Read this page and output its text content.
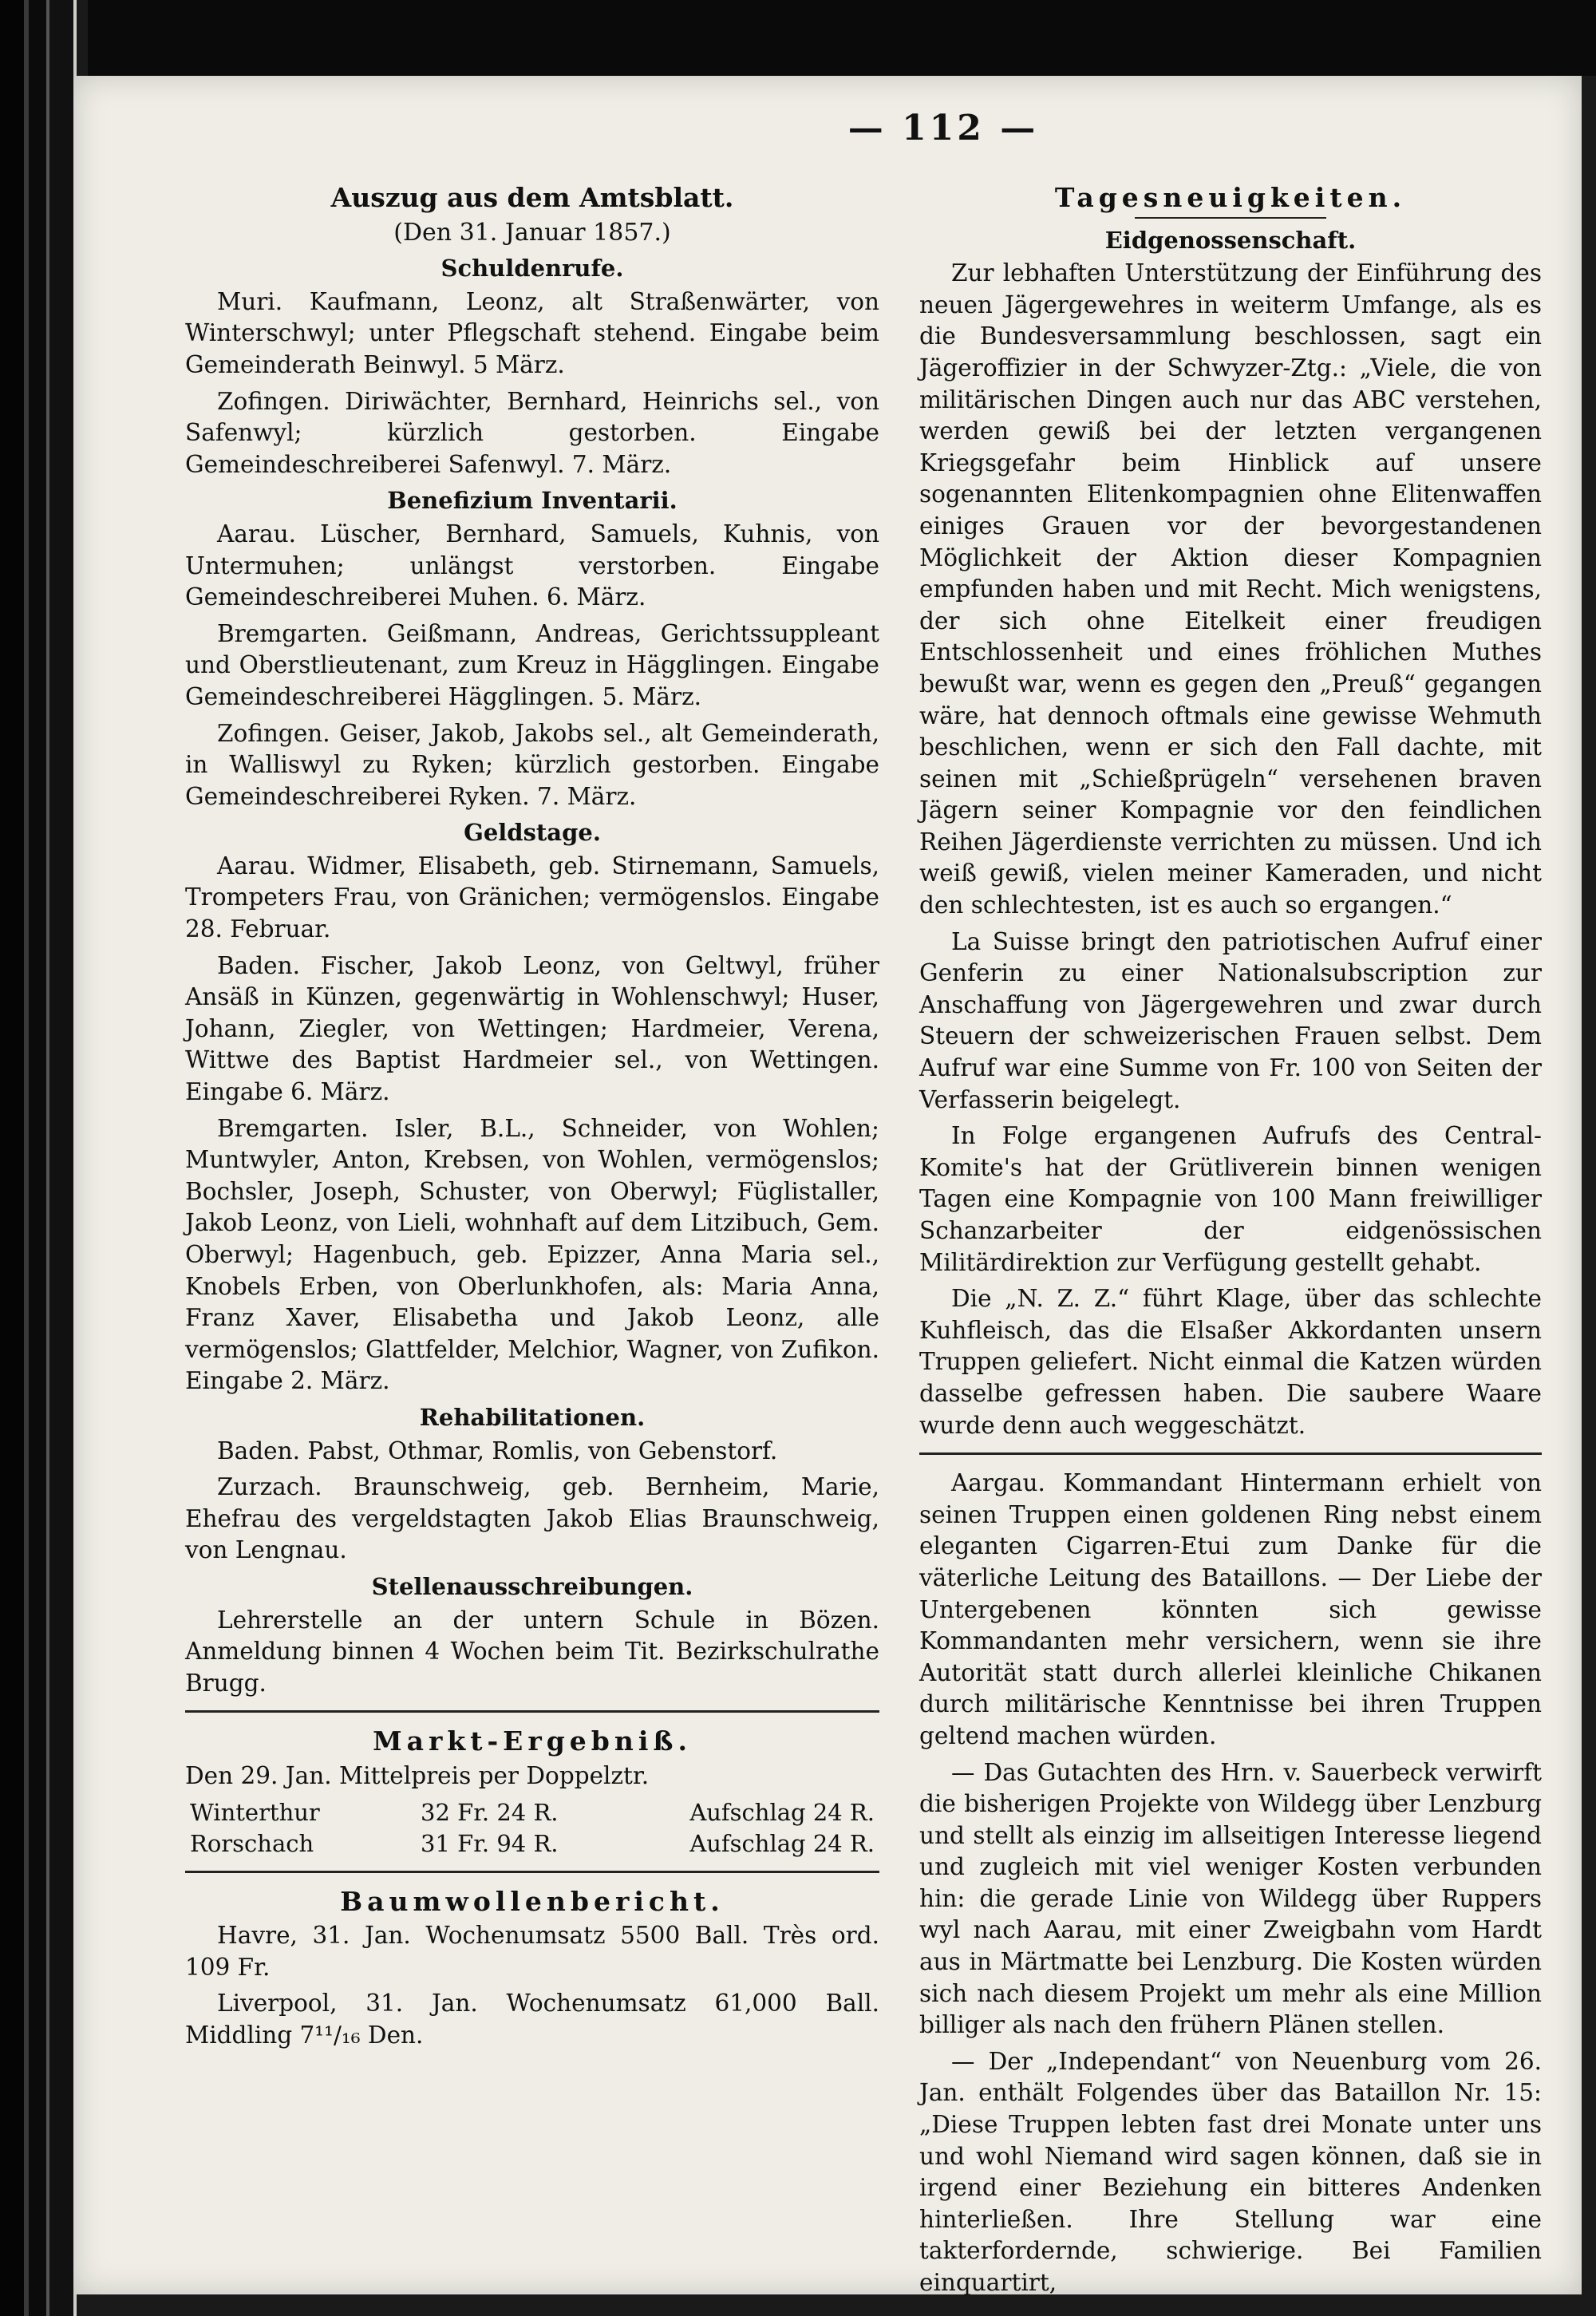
— 112 —
Auszug aus dem Amtsblatt.
(Den 31. Januar 1857.)
Schuldenrufe.

Muri. Kaufmann, Leonz, alt Straßenwärter, von Winterschwyl; unter Pflegschaft stehend. Eingabe beim Gemeinderath Beinwyl. 5 März.

Zofingen. Diriwächter, Bernhard, Heinrichs sel., von Safenwyl; kürzlich gestorben. Eingabe Gemeindeschreiberei Safenwyl. 7. März.

Benefizium Inventarii.

Aarau. Lüscher, Bernhard, Samuels, Kuhnis, von Untermuhen; unlängst verstorben. Eingabe Gemeindeschreiberei Muhen. 6. März.

Bremgarten. Geißmann, Andreas, Gerichtssuppleant und Oberstlieutenant, zum Kreuz in Hägglingen. Eingabe Gemeindeschreiberei Hägglingen. 5. März.

Zofingen. Geiser, Jakob, Jakobs sel., alt Gemeinderath, in Walliswyl zu Ryken; kürzlich gestorben. Eingabe Gemeindeschreiberei Ryken. 7. März.

Geldstage.

Aarau. Widmer, Elisabeth, geb. Stirnemann, Samuels, Trompeters Frau, von Gränichen; vermögenslos. Eingabe 28. Februar.

Baden. Fischer, Jakob Leonz, von Geltwyl, früher Ansäß in Künzen, gegenwärtig in Wohlenschwyl; Huser, Johann, Ziegler, von Wettingen; Hardmeier, Verena, Wittwe des Baptist Hardmeier sel., von Wettingen. Eingabe 6. März.

Bremgarten. Isler, B.L., Schneider, von Wohlen; Muntwyler, Anton, Krebsen, von Wohlen, vermögenslos; Bochsler, Joseph, Schuster, von Oberwyl; Füglistaller, Jakob Leonz, von Lieli, wohnhaft auf dem Litzibuch, Gem. Oberwyl; Hagenbuch, geb. Epizzer, Anna Maria sel., Knobels Erben, von Oberlunkhofen, als: Maria Anna, Franz Xaver, Elisabetha und Jakob Leonz, alle vermögenslos; Glattfelder, Melchior, Wagner, von Zufikon. Eingabe 2. März.

Rehabilitationen.

Baden. Pabst, Othmar, Romlis, von Gebenstorf.

Zurzach. Braunschweig, geb. Bernheim, Marie, Ehefrau des vergeldstagten Jakob Elias Braunschweig, von Lengnau.

Stellenausschreibungen.

Lehrerstelle an der untern Schule in Bözen. Anmeldung binnen 4 Wochen beim Tit. Bezirkschulrathe Brugg.

Markt-Ergebniß.
Den 29. Jan. Mittelpreis per Doppelztr.
Winterthur	32 Fr. 24 R.	Aufschlag 24 R.
Rorschach	31 Fr. 94 R.	Aufschlag 24 R.
Baumwollenbericht.

Havre, 31. Jan. Wochenumsatz 5500 Ball. Très ord. 109 Fr.

Liverpool, 31. Jan. Wochenumsatz 61,000 Ball. Middling 7¹¹/₁₆ Den.

Tagesneuigkeiten.
Eidgenossenschaft.

Zur lebhaften Unterstützung der Einführung des neuen Jägergewehres in weiterm Umfange, als es die Bundesversammlung beschlossen, sagt ein Jägeroffizier in der Schwyzer-Ztg.: „Viele, die von militärischen Dingen auch nur das ABC verstehen, werden gewiß bei der letzten vergangenen Kriegsgefahr beim Hinblick auf unsere sogenannten Elitenkompagnien ohne Elitenwaffen einiges Grauen vor der bevorgestandenen Möglichkeit der Aktion dieser Kompagnien empfunden haben und mit Recht. Mich wenigstens, der sich ohne Eitelkeit einer freudigen Entschlossenheit und eines fröhlichen Muthes bewußt war, wenn es gegen den „Preuß“ gegangen wäre, hat dennoch oftmals eine gewisse Wehmuth beschlichen, wenn er sich den Fall dachte, mit seinen mit „Schießprügeln“ versehenen braven Jägern seiner Kompagnie vor den feindlichen Reihen Jägerdienste verrichten zu müssen. Und ich weiß gewiß, vielen meiner Kameraden, und nicht den schlechtesten, ist es auch so ergangen.“

La Suisse bringt den patriotischen Aufruf einer Genferin zu einer Nationalsubscription zur Anschaffung von Jägergewehren und zwar durch Steuern der schweizerischen Frauen selbst. Dem Aufruf war eine Summe von Fr. 100 von Seiten der Verfasserin beigelegt.

In Folge ergangenen Aufrufs des Central-Komite's hat der Grütliverein binnen wenigen Tagen eine Kompagnie von 100 Mann freiwilliger Schanzarbeiter der eidgenössischen Militärdirektion zur Verfügung gestellt gehabt.

Die „N. Z. Z.“ führt Klage, über das schlechte Kuhfleisch, das die Elsaßer Akkordanten unsern Truppen geliefert. Nicht einmal die Katzen würden dasselbe gefressen haben. Die saubere Waare wurde denn auch weggeschätzt.

Aargau. Kommandant Hintermann erhielt von seinen Truppen einen goldenen Ring nebst einem eleganten Cigarren-Etui zum Danke für die väterliche Leitung des Bataillons. — Der Liebe der Untergebenen könnten sich gewisse Kommandanten mehr versichern, wenn sie ihre Autorität statt durch allerlei kleinliche Chikanen durch militärische Kenntnisse bei ihren Truppen geltend machen würden.

— Das Gutachten des Hrn. v. Sauerbeck verwirft die bisherigen Projekte von Wildegg über Lenzburg und stellt als einzig im allseitigen Interesse liegend und zugleich mit viel weniger Kosten verbunden hin: die gerade Linie von Wildegg über Ruppers wyl nach Aarau, mit einer Zweigbahn vom Hardt aus in Märtmatte bei Lenzburg. Die Kosten würden sich nach diesem Projekt um mehr als eine Million billiger als nach den frühern Plänen stellen.

— Der „Independant“ von Neuenburg vom 26. Jan. enthält Folgendes über das Bataillon Nr. 15: „Diese Truppen lebten fast drei Monate unter uns und wohl Niemand wird sagen können, daß sie in irgend einer Beziehung ein bitteres Andenken hinterließen. Ihre Stellung war eine takterfordernde, schwierige. Bei Familien einquartirt,
